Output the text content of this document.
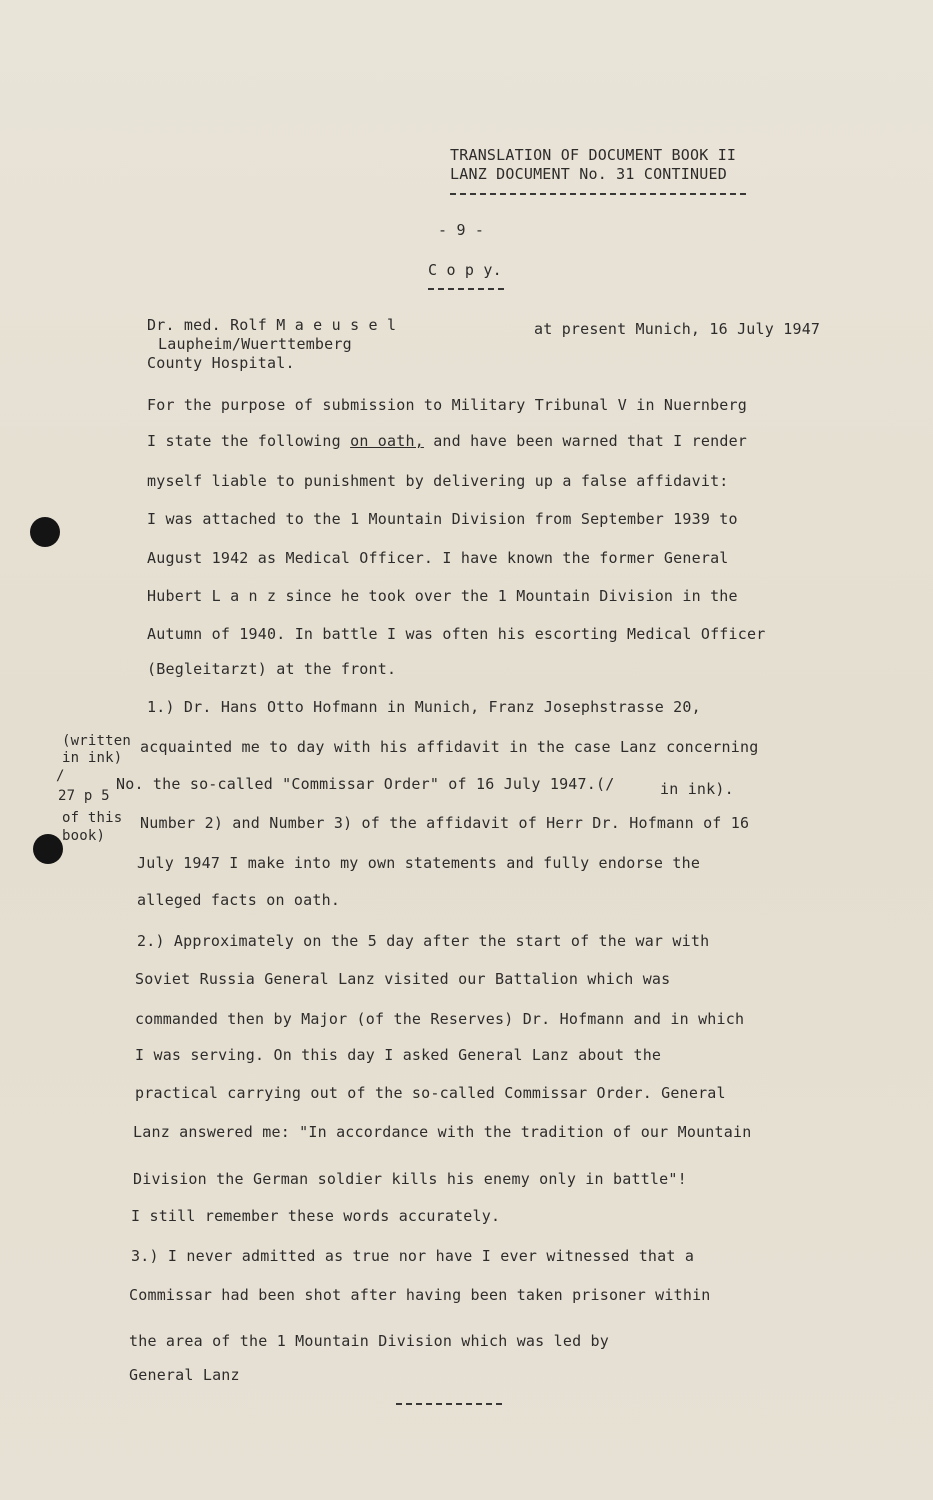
TRANSLATION OF DOCUMENT BOOK II
LANZ DOCUMENT No. 31 CONTINUED
- 9 -
C o p y.
Dr. med. Rolf M a e u s e l
Laupheim/Wuerttemberg
County Hospital.
at present Munich, 16 July 1947
For the purpose of submission to Military Tribunal V in Nuernberg
I state the following on oath, and have been warned that I render
myself liable to punishment by delivering up a false affidavit:
I was attached to the 1 Mountain Division from September 1939 to
August 1942 as Medical Officer. I have known the former General
Hubert L a n z since he took over the 1 Mountain Division in the
Autumn of 1940. In battle I was often his escorting Medical Officer
(Begleitarzt) at the front.
1.) Dr. Hans Otto Hofmann in Munich, Franz Josephstrasse 20,
(written
in ink)
acquainted me to day with his affidavit in the case Lanz concerning
/
27 p 5
No. the so-called "Commissar Order" of 16 July 1947.(/	in ink).
of this
book)
Number 2) and Number 3) of the affidavit of Herr Dr. Hofmann of 16
July 1947 I make into my own statements and fully endorse the
alleged facts on oath.
2.) Approximately on the 5 day after the start of the war with
Soviet Russia General Lanz visited our Battalion which was
commanded then by Major (of the Reserves) Dr. Hofmann and in which
I was serving. On this day I asked General Lanz about the
practical carrying out of the so-called Commissar Order. General
Lanz answered me: "In accordance with the tradition of our Mountain
Division the German soldier kills his enemy only in battle"!
I still remember these words accurately.
3.) I never admitted as true nor have I ever witnessed that a
Commissar had been shot after having been taken prisoner within
the area of the 1 Mountain Division which was led by
General Lanz
